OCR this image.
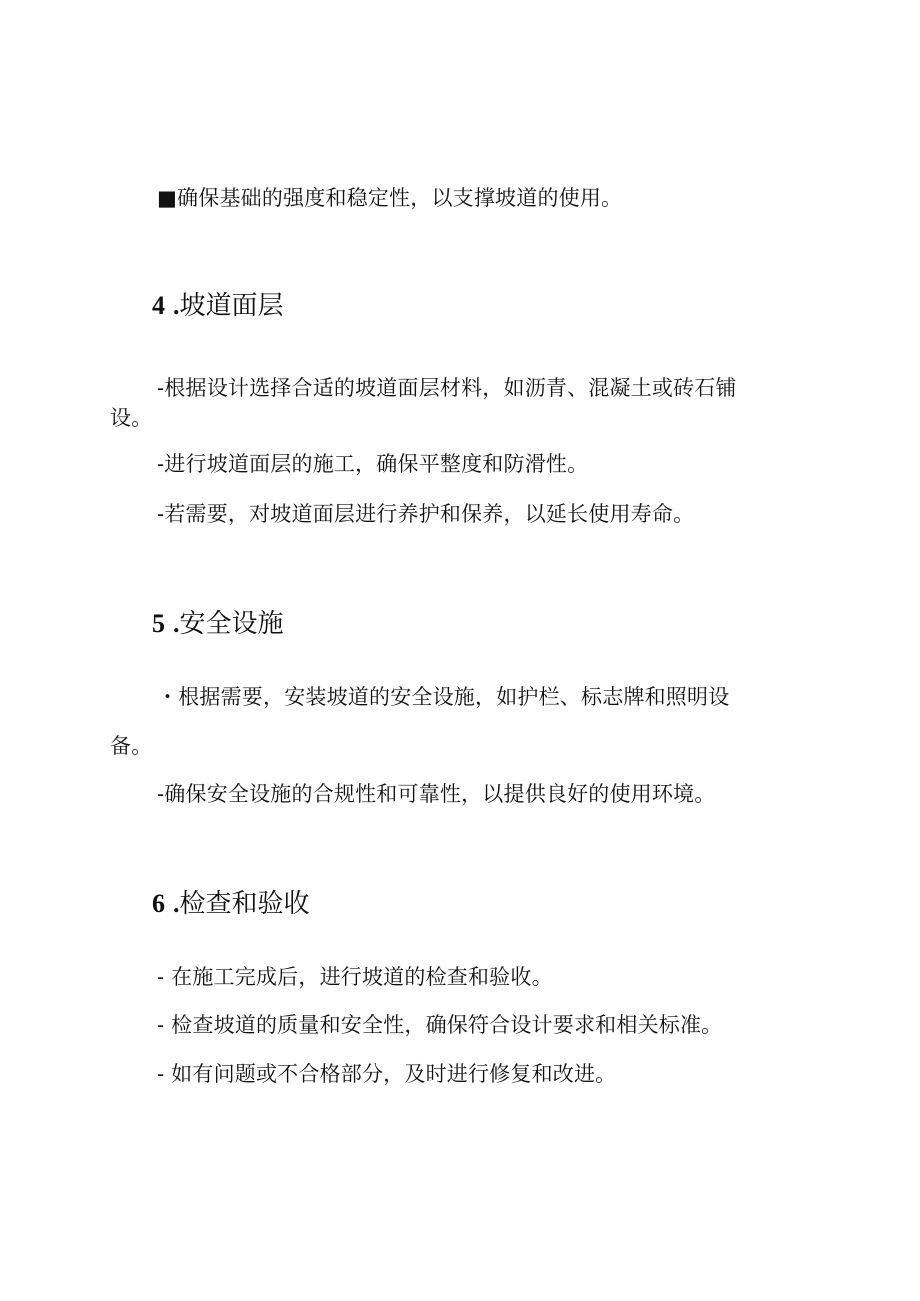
■确保基础的强度和稳定性，以支撑坡道的使用。
4 .坡道面层
-根据设计选择合适的坡道面层材料，如沥青、混凝土或砖石铺
设。
-进行坡道面层的施工，确保平整度和防滑性。
-若需要，对坡道面层进行养护和保养，以延长使用寿命。
5 .安全设施
・根据需要，安装坡道的安全设施，如护栏、标志牌和照明设
备。
-确保安全设施的合规性和可靠性，以提供良好的使用环境。
6 .检查和验收
- 在施工完成后，进行坡道的检查和验收。
- 检查坡道的质量和安全性，确保符合设计要求和相关标准。
- 如有问题或不合格部分，及时进行修复和改进。
